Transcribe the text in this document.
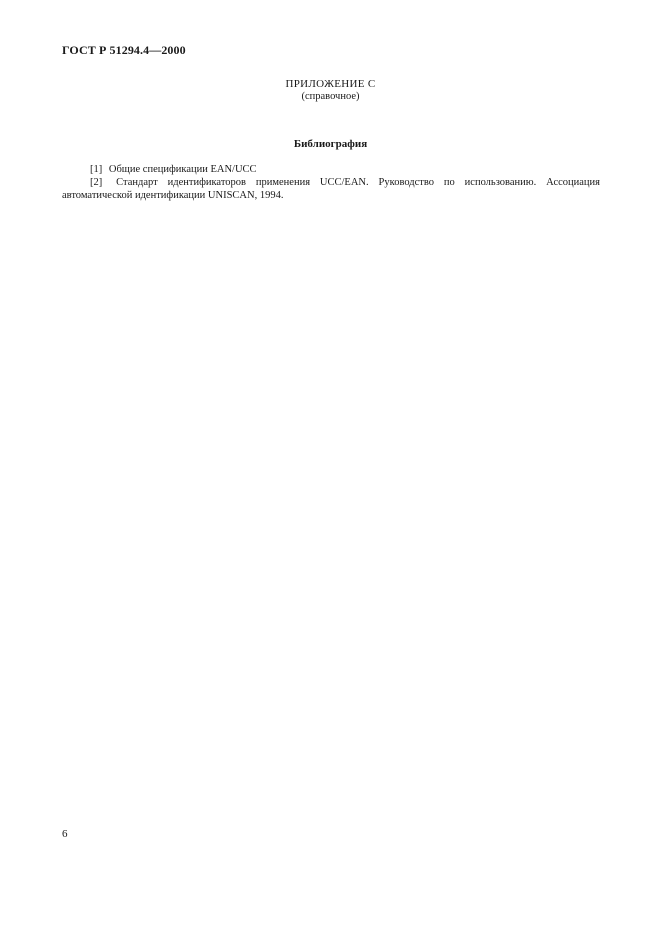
ГОСТ Р 51294.4—2000
ПРИЛОЖЕНИЕ С
(справочное)
Библиография

[1] Общие спецификации EAN/UCC

[2] Стандарт идентификаторов применения UCC/EAN. Руководство по использованию. Ассоциация автоматической идентификации UNISCAN, 1994.

6
